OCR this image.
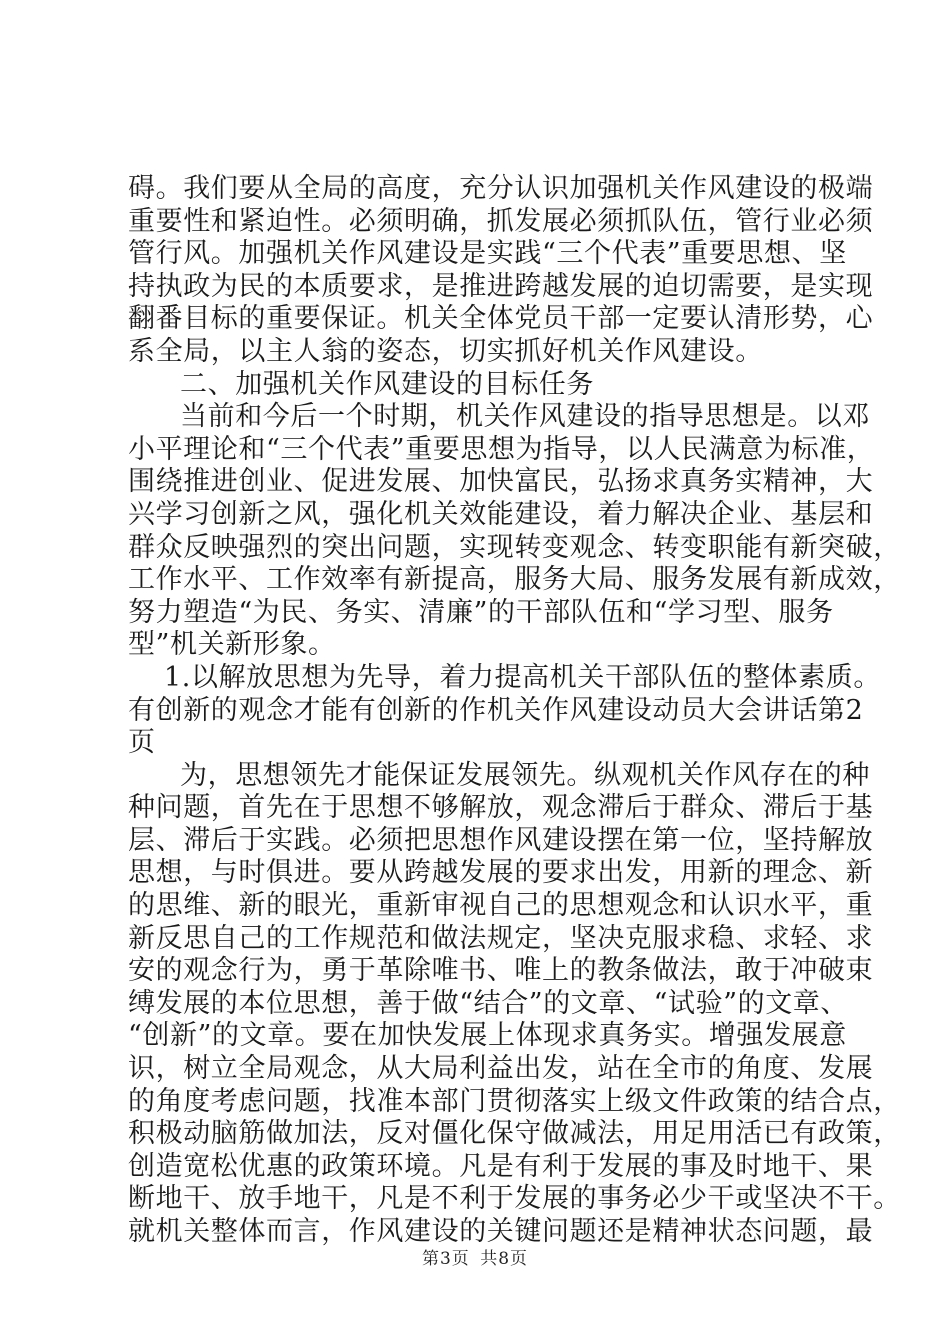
碍。我们要从全局的高度，充分认识加强机关作风建设的极端
重要性和紧迫性。必须明确，抓发展必须抓队伍，管行业必须
管行风。加强机关作风建设是实践“三个代表”重要思想、坚
持执政为民的本质要求，是推进跨越发展的迫切需要，是实现
翻番目标的重要保证。机关全体党员干部一定要认清形势，心
系全局，以主人翁的姿态，切实抓好机关作风建设。
二、加强机关作风建设的目标任务
当前和今后一个时期，机关作风建设的指导思想是。以邓
小平理论和“三个代表”重要思想为指导，以人民满意为标准，
围绕推进创业、促进发展、加快富民，弘扬求真务实精神，大
兴学习创新之风，强化机关效能建设，着力解决企业、基层和
群众反映强烈的突出问题，实现转变观念、转变职能有新突破，
工作水平、工作效率有新提高，服务大局、服务发展有新成效，
努力塑造“为民、务实、清廉”的干部队伍和“学习型、服务
型”机关新形象。
1.以解放思想为先导，着力提高机关干部队伍的整体素质。
有创新的观念才能有创新的作机关作风建设动员大会讲话第2
页
为，思想领先才能保证发展领先。纵观机关作风存在的种
种问题，首先在于思想不够解放，观念滞后于群众、滞后于基
层、滞后于实践。必须把思想作风建设摆在第一位，坚持解放
思想，与时俱进。要从跨越发展的要求出发，用新的理念、新
的思维、新的眼光，重新审视自己的思想观念和认识水平，重
新反思自己的工作规范和做法规定，坚决克服求稳、求轻、求
安的观念行为，勇于革除唯书、唯上的教条做法，敢于冲破束
缚发展的本位思想，善于做“结合”的文章、“试验”的文章、
“创新”的文章。要在加快发展上体现求真务实。增强发展意
识，树立全局观念，从大局利益出发，站在全市的角度、发展
的角度考虑问题，找准本部门贯彻落实上级文件政策的结合点，
积极动脑筋做加法，反对僵化保守做减法，用足用活已有政策，
创造宽松优惠的政策环境。凡是有利于发展的事及时地干、果
断地干、放手地干，凡是不利于发展的事务必少干或坚决不干。
就机关整体而言，作风建设的关键问题还是精神状态问题，最
第3页 共8页
